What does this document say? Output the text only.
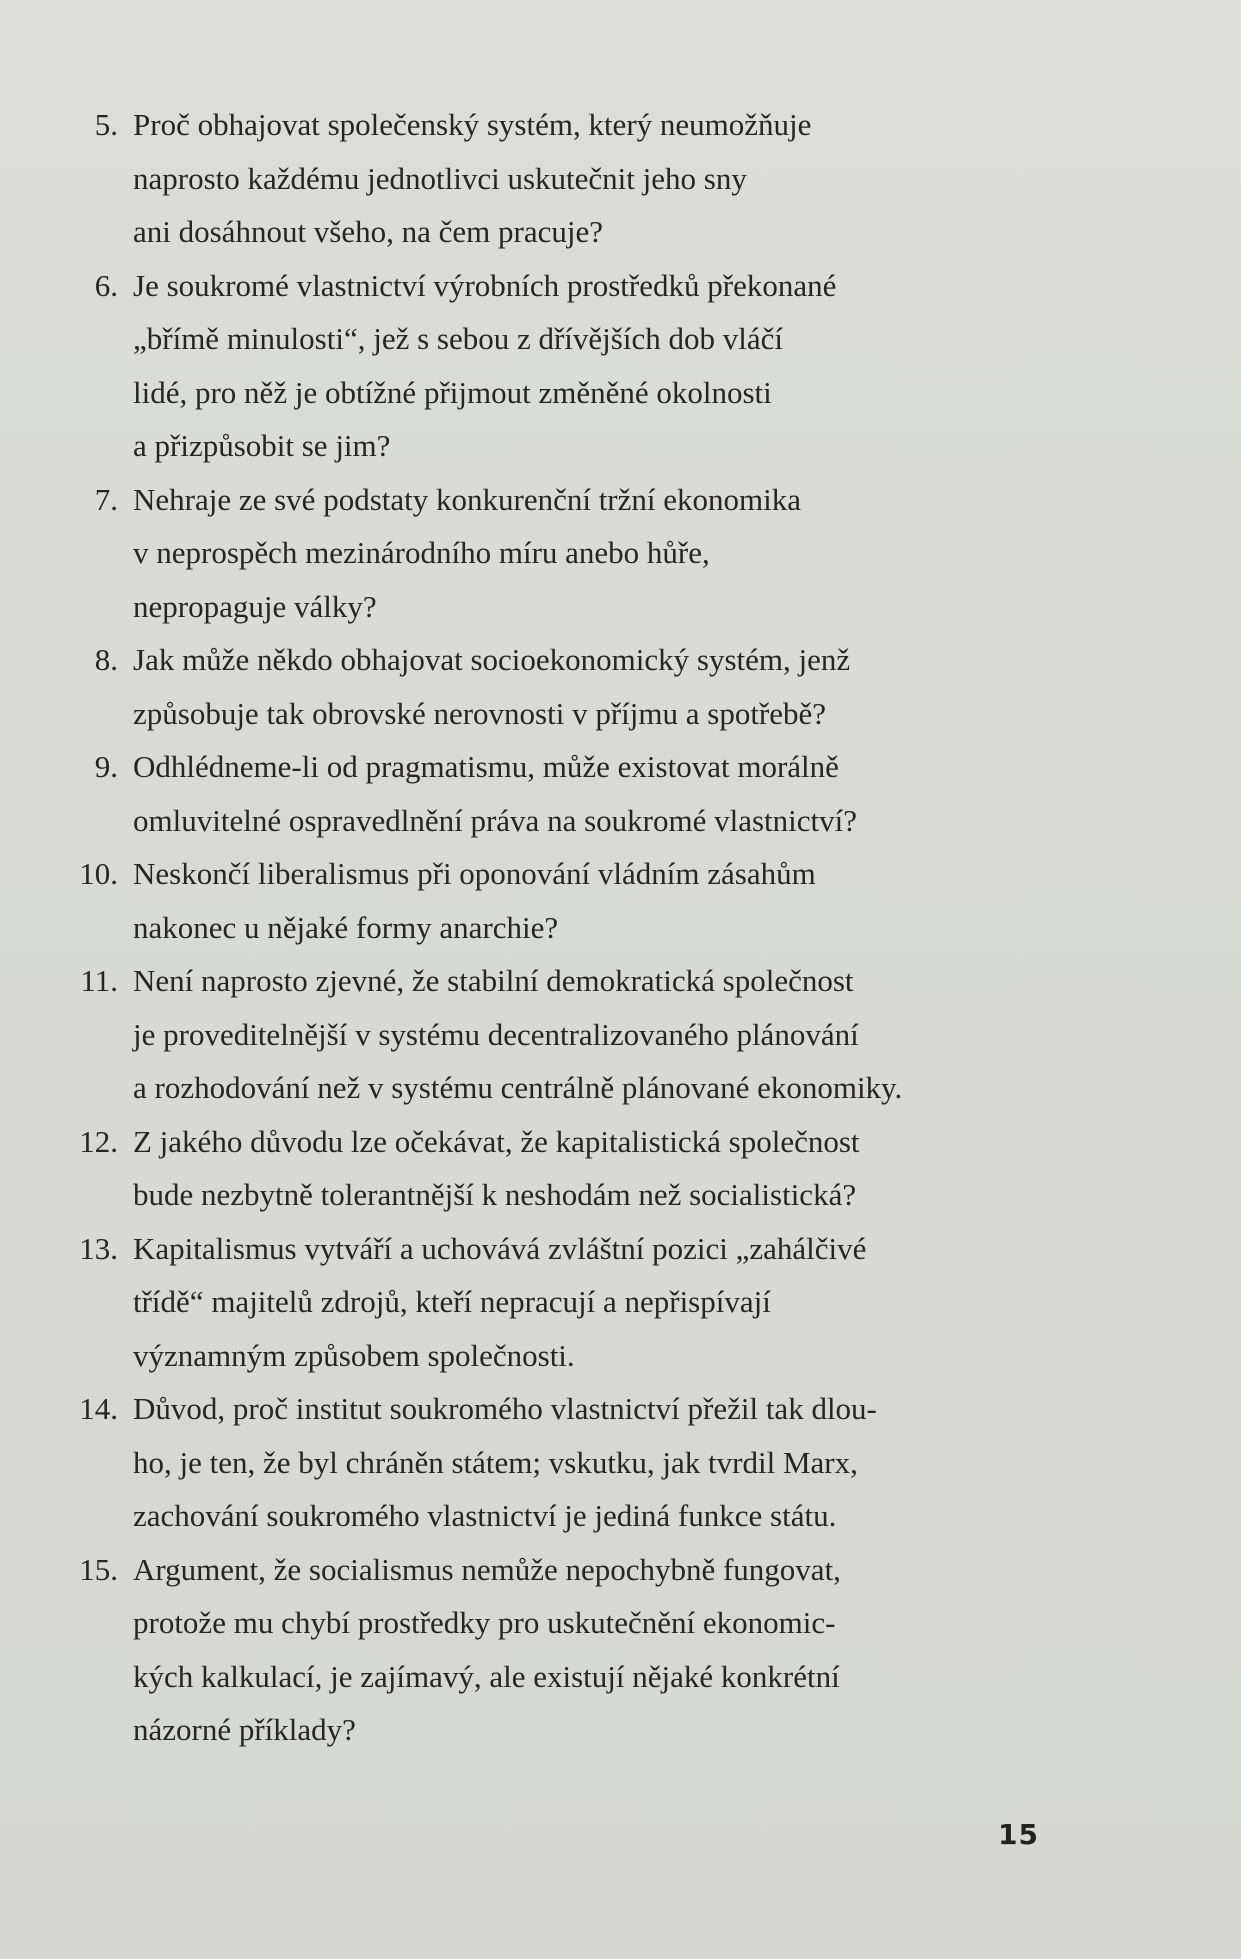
5. Proč obhajovat společenský systém, který neumožňuje
naprosto každému jednotlivci uskutečnit jeho sny
ani dosáhnout všeho, na čem pracuje?
6. Je soukromé vlastnictví výrobních prostředků překonané
„břímě minulosti“, jež s sebou z dřívějších dob vláčí
lidé, pro něž je obtížné přijmout změněné okolnosti
a přizpůsobit se jim?
7. Nehraje ze své podstaty konkurenční tržní ekonomika
v neprospěch mezinárodního míru anebo hůře,
nepropaguje války?
8. Jak může někdo obhajovat socioekonomický systém, jenž
způsobuje tak obrovské nerovnosti v příjmu a spotřebě?
9. Odhlédneme-li od pragmatismu, může existovat morálně
omluvitelné ospravedlnění práva na soukromé vlastnictví?
10. Neskončí liberalismus při oponování vládním zásahům
nakonec u nějaké formy anarchie?
11. Není naprosto zjevné, že stabilní demokratická společnost
je proveditelnější v systému decentralizovaného plánování
a rozhodování než v systému centrálně plánované ekonomiky.
12. Z jakého důvodu lze očekávat, že kapitalistická společnost
bude nezbytně tolerantnější k neshodám než socialistická?
13. Kapitalismus vytváří a uchovává zvláštní pozici „zahálčivé
třídě“ majitelů zdrojů, kteří nepracují a nepřispívají
významným způsobem společnosti.
14. Důvod, proč institut soukromého vlastnictví přežil tak dlou-
ho, je ten, že byl chráněn státem; vskutku, jak tvrdil Marx,
zachování soukromého vlastnictví je jediná funkce státu.
15. Argument, že socialismus nemůže nepochybně fungovat,
protože mu chybí prostředky pro uskutečnění ekonomic-
kých kalkulací, je zajímavý, ale existují nějaké konkrétní
názorné příklady?
15
